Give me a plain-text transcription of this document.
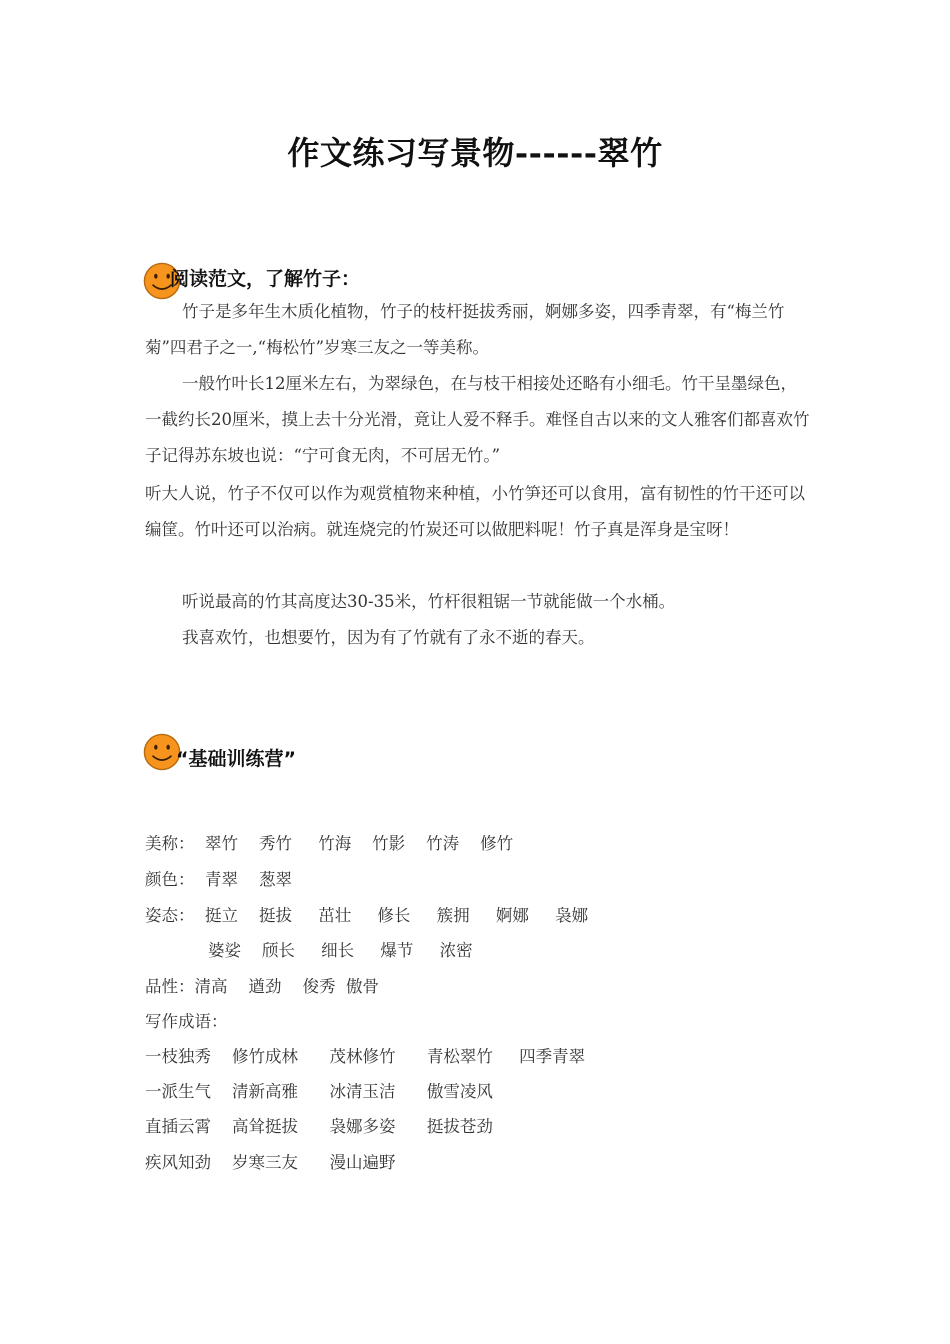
作文练习写景物------翠竹
阅读范文，了解竹子：
竹子是多年生木质化植物，竹子的枝杆挺拔秀丽，婀娜多姿，四季青翠，有“梅兰竹菊”四君子之一,“梅松竹”岁寒三友之一等美称。
一般竹叶长12厘米左右，为翠绿色，在与枝干相接处还略有小细毛。竹干呈墨绿色，一截约长20厘米，摸上去十分光滑，竟让人爱不释手。难怪自古以来的文人雅客们都喜欢竹子记得苏东坡也说：“宁可食无肉，不可居无竹。”
听大人说，竹子不仅可以作为观赏植物来种植，小竹笋还可以食用，富有韧性的竹干还可以编筐。竹叶还可以治病。就连烧完的竹炭还可以做肥料呢！竹子真是浑身是宝呀！
听说最高的竹其高度达30-35米，竹杆很粗锯一节就能做一个水桶。
我喜欢竹，也想要竹，因为有了竹就有了永不逝的春天。
“基础训练营”
美称：  翠竹    秀竹     竹海    竹影    竹涛    修竹
颜色：  青翠    葱翠
姿态：  挺立    挺拔     茁壮     修长     簇拥     婀娜     袅娜
婆娑    颀长     细长     爆节     浓密
品性：清高    遒劲    俊秀  傲骨
写作成语：
一枝独秀    修竹成林      茂林修竹      青松翠竹     四季青翠
一派生气    清新高雅      冰清玉洁      傲雪凌风
直插云霄    高耸挺拔      袅娜多姿      挺拔苍劲
疾风知劲    岁寒三友      漫山遍野
